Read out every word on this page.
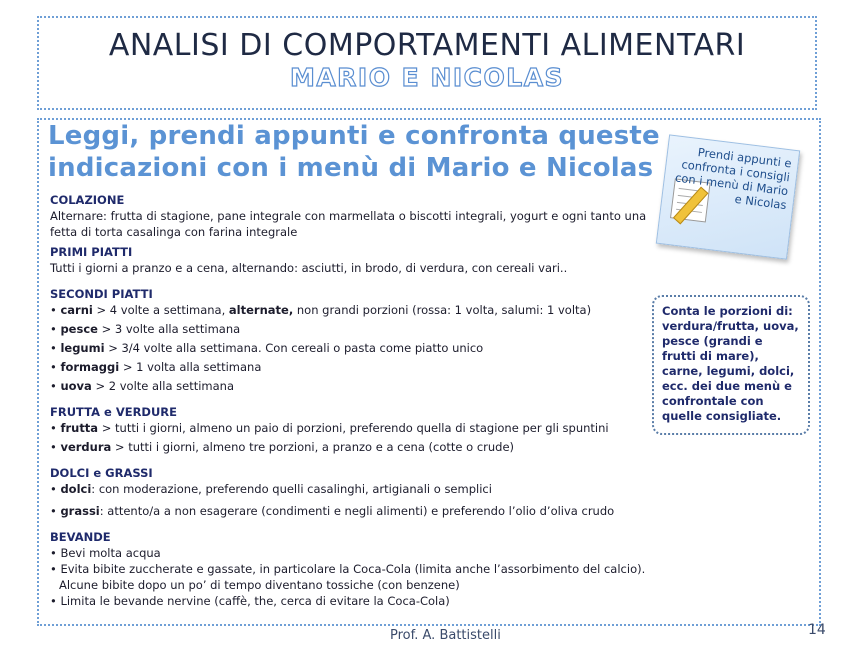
ANALISI DI COMPORTAMENTI ALIMENTARI
MARIO E NICOLAS
Leggi, prendi appunti e confronta queste
indicazioni con i menù di Mario e Nicolas
COLAZIONE
Alternare: frutta di stagione, pane integrale con marmellata o biscotti integrali, yogurt e ogni tanto una fetta di torta casalinga con farina integrale
PRIMI PIATTI
Tutti i giorni a pranzo e a cena, alternando: asciutti, in brodo, di verdura, con cereali vari..
SECONDI PIATTI
• carni > 4 volte a settimana, alternate, non grandi porzioni (rossa: 1 volta, salumi: 1 volta)
• pesce > 3 volte alla settimana
• legumi > 3/4 volte alla settimana. Con cereali o pasta come piatto unico
• formaggi > 1 volta alla settimana
• uova > 2 volte alla settimana
FRUTTA e VERDURE
• frutta > tutti i giorni, almeno un paio di porzioni, preferendo quella di stagione per gli spuntini
• verdura > tutti i giorni, almeno tre porzioni, a pranzo e a cena (cotte o crude)
DOLCI e GRASSI
• dolci: con moderazione, preferendo quelli casalinghi, artigianali o semplici
• grassi: attento/a a non esagerare (condimenti e negli alimenti) e preferendo l’olio d’oliva crudo
BEVANDE
• Bevi molta acqua
• Evita bibite zuccherate e gassate, in particolare la Coca-Cola (limita anche l’assorbimento del calcio). Alcune bibite dopo un po’ di tempo diventano tossiche (con benzene)
• Limita le bevande nervine (caffè, the, cerca di evitare la Coca-Cola)
Prendi appunti e confronta i consigli con i menù di Mario e Nicolas
Conta le porzioni di: verdura/frutta, uova, pesce (grandi e frutti di mare), carne, legumi, dolci, ecc. dei due menù e confrontale con quelle consigliate.
Prof. A. Battistelli	14
